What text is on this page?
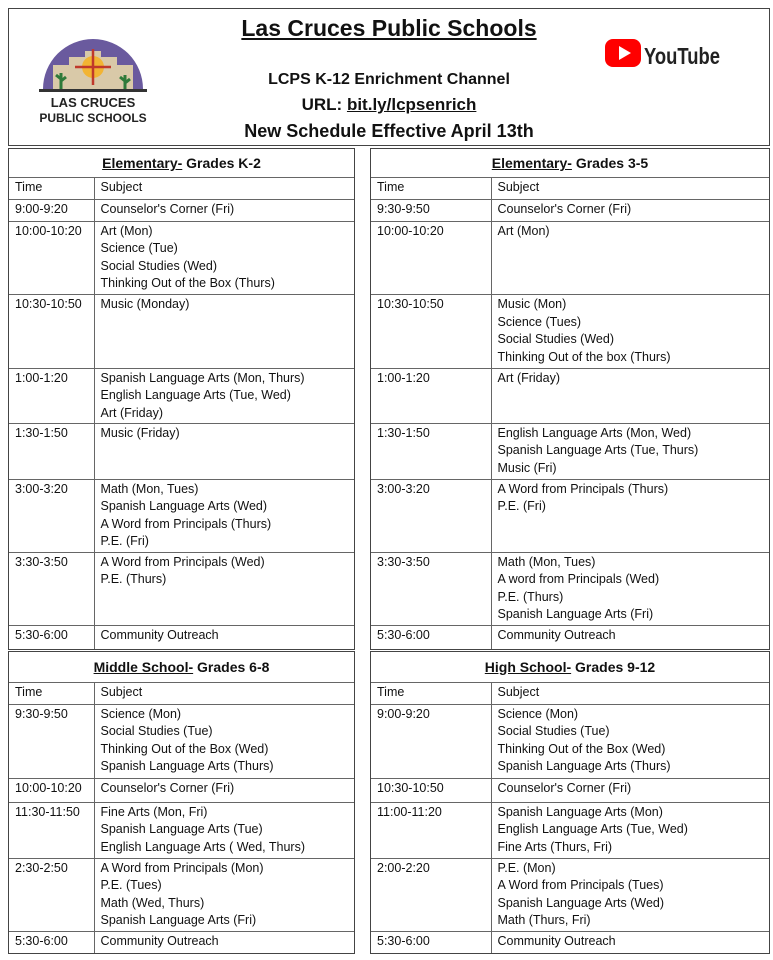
LAS CRUCES
PUBLIC SCHOOLS
Las Cruces Public Schools
LCPS K-12 Enrichment Channel
URL: bit.ly/lcpsenrich
New Schedule Effective April 13th
YouTube
Elementary- Grades K-2	
Time	Subject
9:00-9:20	Counselor's Corner (Fri)

10:00-10:20	Art (Mon)
Science (Tue)
Social Studies (Wed)
Thinking Out of the Box (Thurs)

10:30-10:50	Music (Monday)

1:00-1:20	Spanish Language Arts (Mon, Thurs)
English Language Arts (Tue, Wed)
Art (Friday)

1:30-1:50	Music (Friday)

3:00-3:20	Math (Mon, Tues)
Spanish Language Arts (Wed)
A Word from Principals (Thurs)
P.E. (Fri)

3:30-3:50	A Word from Principals (Wed)
P.E. (Thurs)

5:30-6:00	Community Outreach
Elementary- Grades 3-5	
Time	Subject
9:30-9:50	Counselor's Corner (Fri)

10:00-10:20	Art (Mon)

10:30-10:50	Music (Mon)
Science (Tues)
Social Studies (Wed)
Thinking Out of the box (Thurs)

1:00-1:20	Art (Friday)

1:30-1:50	English Language Arts (Mon, Wed)
Spanish Language Arts (Tue, Thurs)
Music (Fri)

3:00-3:20	A Word from Principals (Thurs)
P.E. (Fri)

3:30-3:50	Math (Mon, Tues)
A word from Principals (Wed)
P.E. (Thurs)
Spanish Language Arts (Fri)

5:30-6:00	Community Outreach
Middle School- Grades 6-8	
Time	Subject
9:30-9:50	Science (Mon)
Social Studies (Tue)
Thinking Out of the Box (Wed)
Spanish Language Arts (Thurs)

10:00-10:20	Counselor's Corner (Fri)

11:30-11:50	Fine Arts (Mon, Fri)
Spanish Language Arts (Tue)
English Language Arts ( Wed, Thurs)

2:30-2:50	A Word from Principals (Mon)
P.E. (Tues)
Math (Wed, Thurs)
Spanish Language Arts (Fri)

5:30-6:00	Community Outreach
High School- Grades 9-12	
Time	Subject
9:00-9:20	Science (Mon)
Social Studies (Tue)
Thinking Out of the Box (Wed)
Spanish Language Arts (Thurs)

10:30-10:50	Counselor's Corner (Fri)

11:00-11:20	Spanish Language Arts (Mon)
English Language Arts (Tue, Wed)
Fine Arts (Thurs, Fri)

2:00-2:20	P.E. (Mon)
A Word from Principals (Tues)
Spanish Language Arts (Wed)
Math (Thurs, Fri)

5:30-6:00	Community Outreach
